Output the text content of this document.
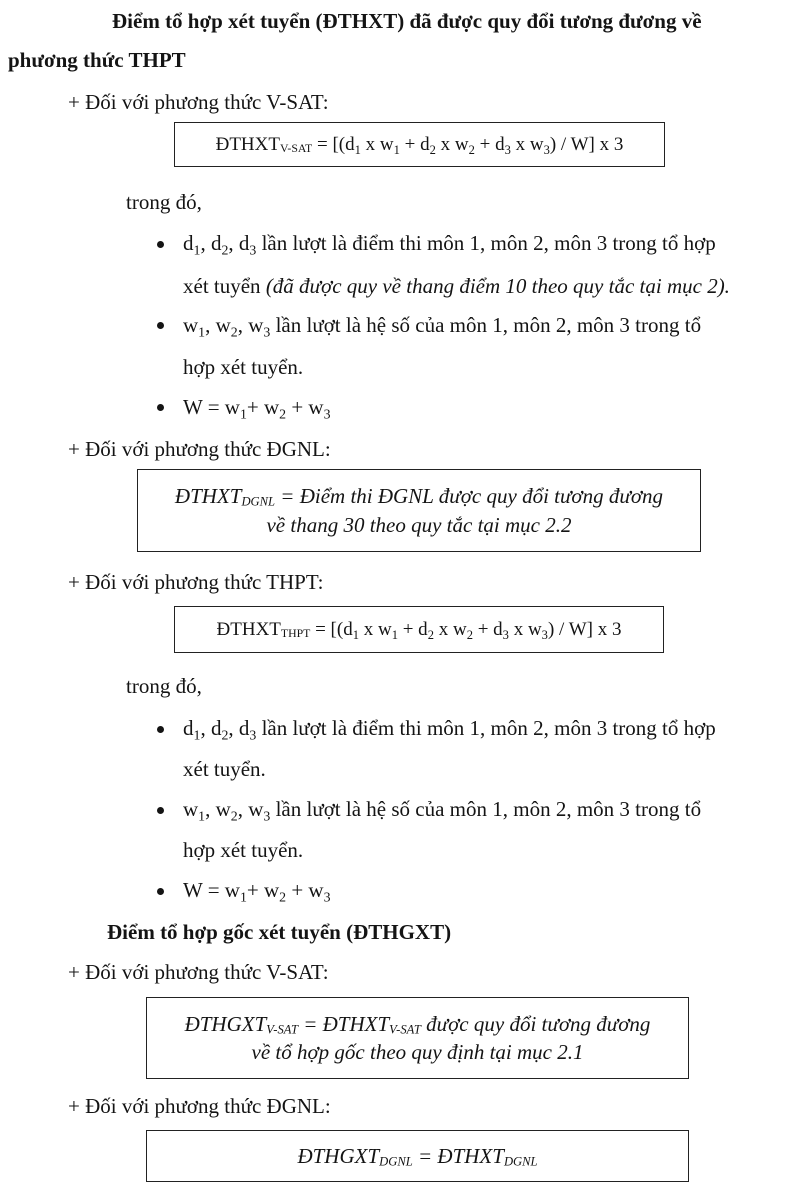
Điểm tổ hợp xét tuyển (ĐTHXT) đã được quy đổi tương đương về
phương thức THPT
+ Đối với phương thức V-SAT:
ĐTHXTV-SAT = [($d_1$ x $w_1 + d_2$ x $w_2 + d_3$ x $w_3) / W$] x 3
trong đó,
$d_1$, $d_2$, $d_3$ lần lượt là điểm thi môn 1, môn 2, môn 3 trong tổ hợp
xét tuyển (đã được quy về thang điểm 10 theo quy tắc tại mục 2).
$w_1$, $w_2$, $w_3$ lần lượt là hệ số của môn 1, môn 2, môn 3 trong tổ
hợp xét tuyển.
$W = w_1+ w_2 + w_3$
+ Đối với phương thức ĐGNL:
ĐTHXTDGNL = Điểm thi ĐGNL được quy đổi tương đương
về thang 30 theo quy tắc tại mục 2.2
+ Đối với phương thức THPT:
ĐTHXTTHPT = [($d_1$ x $w_1 + d_2$ x $w_2 + d_3$ x $w_3) / W$] x 3
trong đó,
$d_1$, $d_2$, $d_3$ lần lượt là điểm thi môn 1, môn 2, môn 3 trong tổ hợp
xét tuyển.
$w_1$, $w_2$, $w_3$ lần lượt là hệ số của môn 1, môn 2, môn 3 trong tổ
hợp xét tuyển.
$W = w_1+ w_2 + w_3$
Điểm tổ hợp gốc xét tuyển (ĐTHGXT)
+ Đối với phương thức V-SAT:
ĐTHGXTV-SAT = ĐTHXTV-SAT được quy đổi tương đương
về tổ hợp gốc theo quy định tại mục 2.1
+ Đối với phương thức ĐGNL:
ĐTHGXTDGNL = ĐTHXTDGNL
